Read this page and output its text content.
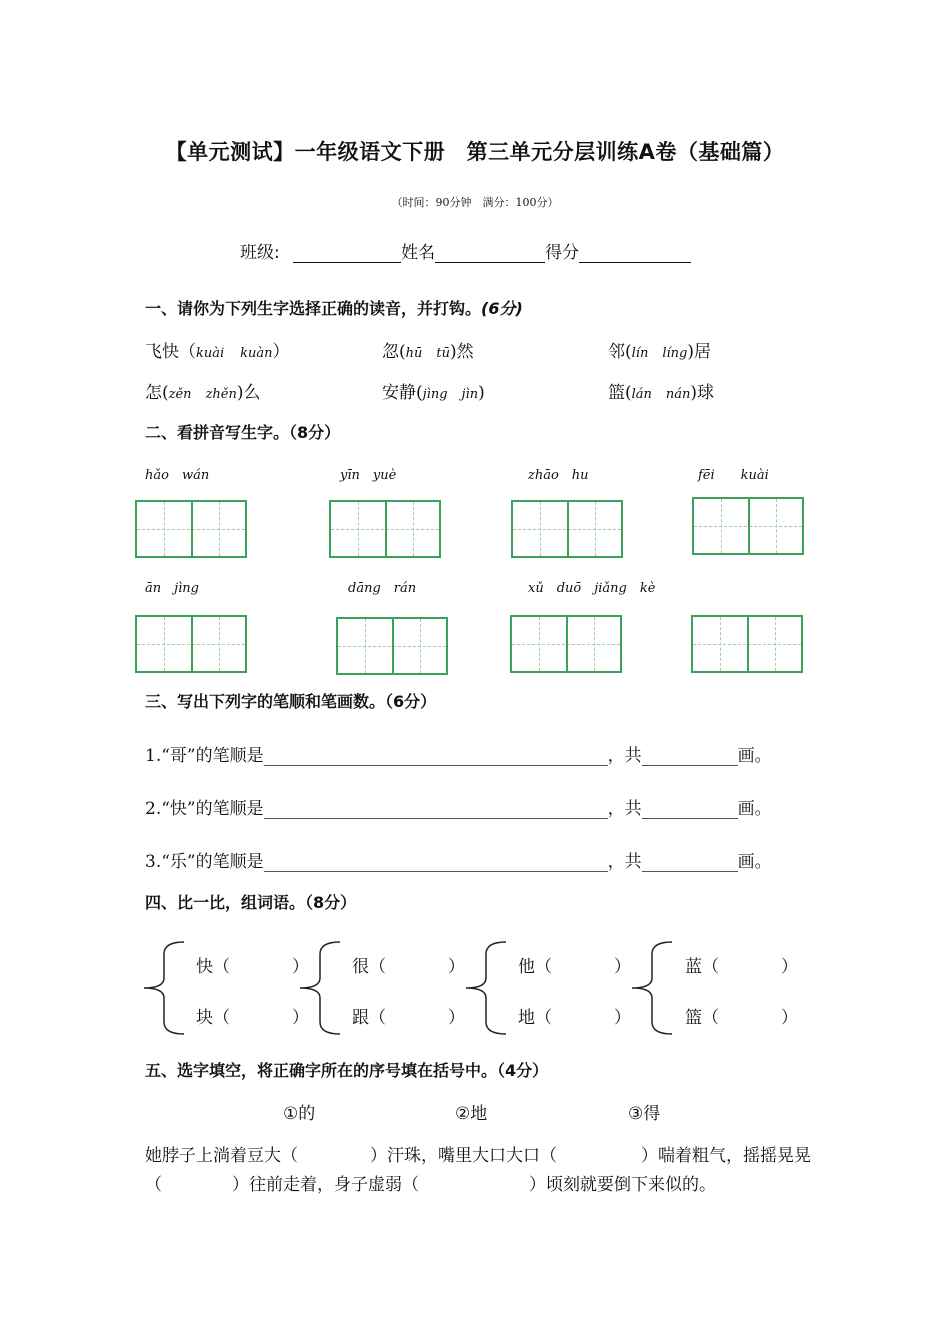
【单元测试】一年级语文下册　第三单元分层训练A卷（基础篇）
（时间：90分钟　满分：100分）
班级:	姓名	得分
一、请你为下列生字选择正确的读音，并打钩。(6分)
飞快（kuài kuàn）	忽(hū tū)然	邻(lín líng)居
怎(zěn zhěn)么	安静(jìng jìn)	篮(lán nán)球
二、看拼音写生字。（8分）
hǎo　wán	yīn　yuè	zhāo　hu	fēi　　kuài
ān　jìng	dāng　rán	xǔ　duō　jiǎng　kè
三、写出下列字的笔顺和笔画数。（6分）
1.“哥”的笔顺是	，共	画。
2.“快”的笔顺是	，共	画。
3.“乐”的笔顺是	，共	画。
四、比一比，组词语。（8分）
快（	）
块（	）
很（	）
跟（	）
他（	）
地（	）
蓝（	）
篮（	）
五、选字填空，将正确字所在的序号填在括号中。（4分）
①的	②地	③得
她脖子上淌着豆大（	）汗珠，嘴里大口大口（	）喘着粗气，摇摇晃晃（	）往前走着，身子虚弱（	）顷刻就要倒下来似的。
